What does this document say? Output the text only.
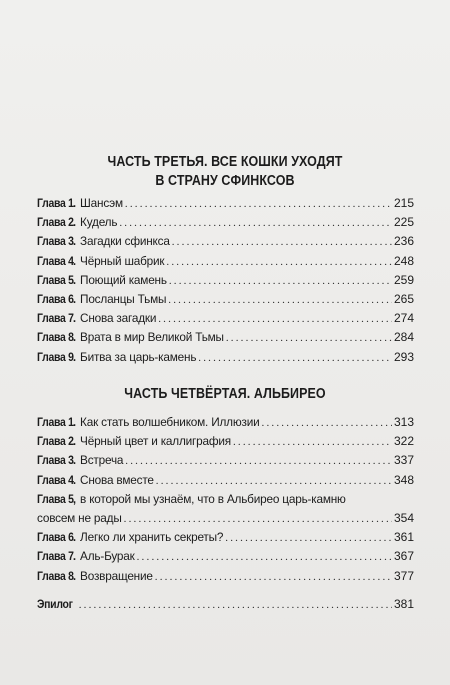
ЧАСТЬ ТРЕТЬЯ. ВСЕ КОШКИ УХОДЯТ
В СТРАНУ СФИНКСОВ
Глава 1 . Шансэм .....	215
Глава 2 . Кудель .....	225
Глава 3 . Загадки сфинкса .....	236
Глава 4 . Чёрный шабрик .....	248
Глава 5 . Поющий камень .....	259
Глава 6 . Посланцы Тьмы .....	265
Глава 7 . Снова загадки .....	274
Глава 8 . Врата в мир Великой Тьмы .....	284
Глава 9 . Битва за царь-камень .....	293
ЧАСТЬ ЧЕТВЁРТАЯ. АЛЬБИРЕО
Глава 1 . Как стать волшебником. Иллюзии .....	313
Глава 2 . Чёрный цвет и каллиграфия .....	322
Глава 3 . Встреча .....	337
Глава 4 . Снова вместе .....	348
Глава 5 , в которой мы узнаём, что в Альбирео царь-камню
совсем не рады .....	354
Глава 6 . Легко ли хранить секреты? .....	361
Глава 7 . Аль-Бурак .....	367
Глава 8 . Возвращение .....	377
Эпилог .....	381
